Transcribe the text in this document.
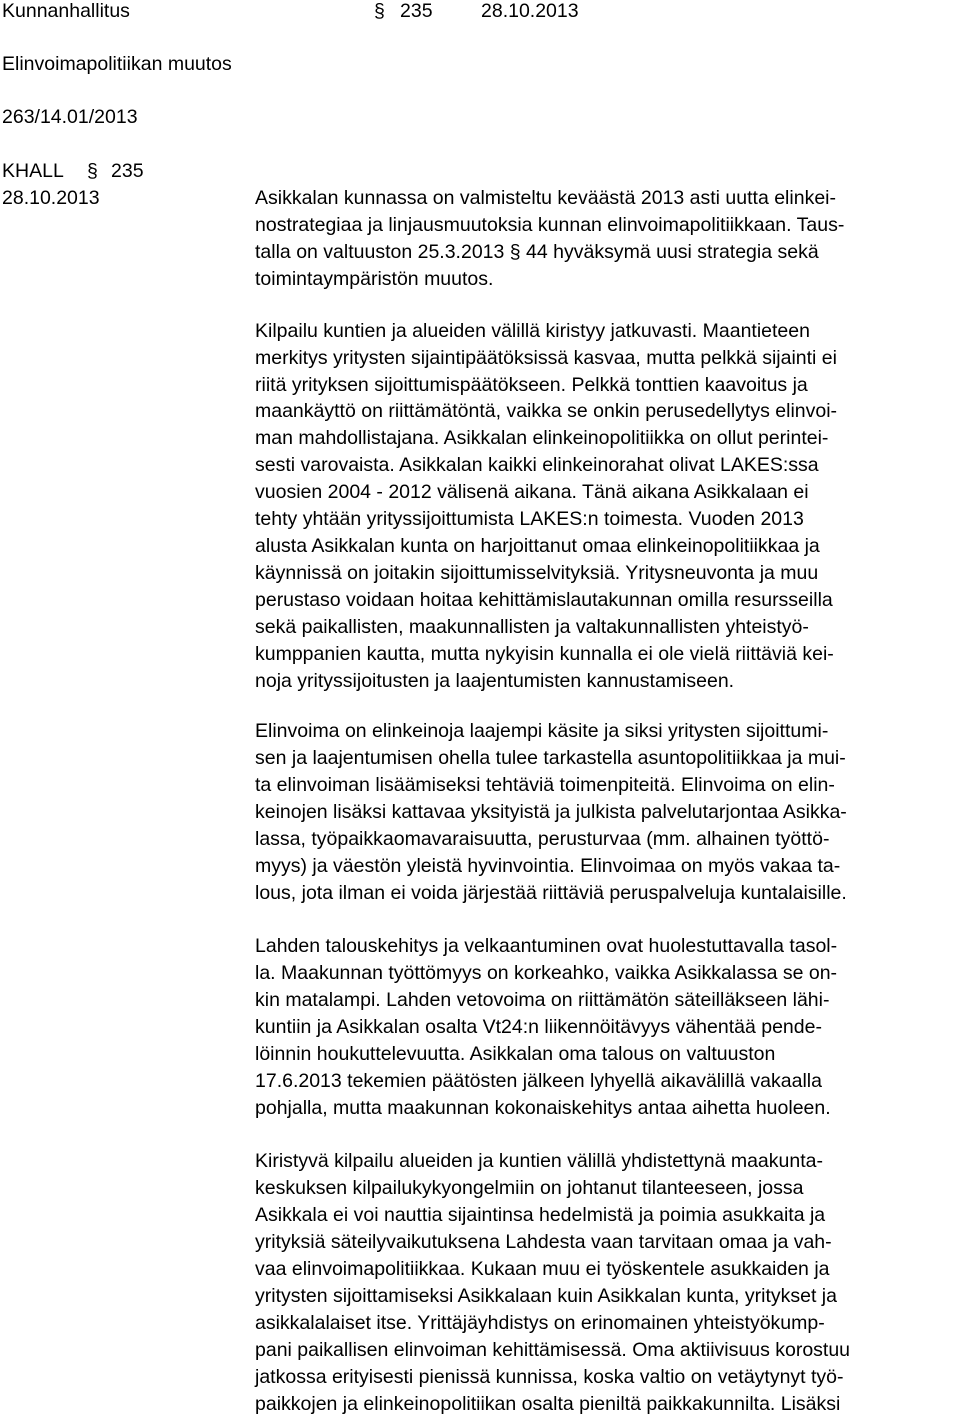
Kunnanhallitus	§ 235 28.10.2013
Elinvoimapolitiikan muutos
263/14.01/2013
KHALL § 235
28.10.2013	Asikkalan kunnassa on valmisteltu keväästä 2013 asti uutta elinkei-
nostrategiaa ja linjausmuutoksia kunnan elinvoimapolitiikkaan. Taus-
talla on valtuuston 25.3.2013 § 44 hyväksymä uusi strategia sekä
toimintaympäristön muutos.
Kilpailu kuntien ja alueiden välillä kiristyy jatkuvasti. Maantieteen
merkitys yritysten sijaintipäätöksissä kasvaa, mutta pelkkä sijainti ei
riitä yrityksen sijoittumispäätökseen. Pelkkä tonttien kaavoitus ja
maankäyttö on riittämätöntä, vaikka se onkin perusedellytys elinvoi-
man mahdollistajana. Asikkalan elinkeinopolitiikka on ollut perintei-
sesti varovaista. Asikkalan kaikki elinkeinorahat olivat LAKES:ssa
vuosien 2004 - 2012 välisenä aikana. Tänä aikana Asikkalaan ei
tehty yhtään yrityssijoittumista LAKES:n toimesta. Vuoden 2013
alusta Asikkalan kunta on harjoittanut omaa elinkeinopolitiikkaa ja
käynnissä on joitakin sijoittumisselvityksiä. Yritysneuvonta ja muu
perustaso voidaan hoitaa kehittämislautakunnan omilla resursseilla
sekä paikallisten, maakunnallisten ja valtakunnallisten yhteistyö-
kumppanien kautta, mutta nykyisin kunnalla ei ole vielä riittäviä kei-
noja yrityssijoitusten ja laajentumisten kannustamiseen.
Elinvoima on elinkeinoja laajempi käsite ja siksi yritysten sijoittumi-
sen ja laajentumisen ohella tulee tarkastella asuntopolitiikkaa ja mui-
ta elinvoiman lisäämiseksi tehtäviä toimenpiteitä. Elinvoima on elin-
keinojen lisäksi kattavaa yksityistä ja julkista palvelutarjontaa Asikka-
lassa, työpaikkaomavaraisuutta, perusturvaa (mm. alhainen työttö-
myys) ja väestön yleistä hyvinvointia. Elinvoimaa on myös vakaa ta-
lous, jota ilman ei voida järjestää riittäviä peruspalveluja kuntalaisille.
Lahden talouskehitys ja velkaantuminen ovat huolestuttavalla tasol-
la. Maakunnan työttömyys on korkeahko, vaikka Asikkalassa se on-
kin matalampi. Lahden vetovoima on riittämätön säteilläkseen lähi-
kuntiin ja Asikkalan osalta Vt24:n liikennöitävyys vähentää pende-
löinnin houkuttelevuutta. Asikkalan oma talous on valtuuston
17.6.2013 tekemien päätösten jälkeen lyhyellä aikavälillä vakaalla
pohjalla, mutta maakunnan kokonaiskehitys antaa aihetta huoleen.
Kiristyvä kilpailu alueiden ja kuntien välillä yhdistettynä maakunta-
keskuksen kilpailukykyongelmiin on johtanut tilanteeseen, jossa
Asikkala ei voi nauttia sijaintinsa hedelmistä ja poimia asukkaita ja
yrityksiä säteilyvaikutuksena Lahdesta vaan tarvitaan omaa ja vah-
vaa elinvoimapolitiikkaa. Kukaan muu ei työskentele asukkaiden ja
yritysten sijoittamiseksi Asikkalaan kuin Asikkalan kunta, yritykset ja
asikkalalaiset itse. Yrittäjäyhdistys on erinomainen yhteistyökump-
pani paikallisen elinvoiman kehittämisessä. Oma aktiivisuus korostuu
jatkossa erityisesti pienissä kunnissa, koska valtio on vetäytynyt työ-
paikkojen ja elinkeinopolitiikan osalta pieniltä paikkakunnilta. Lisäksi
